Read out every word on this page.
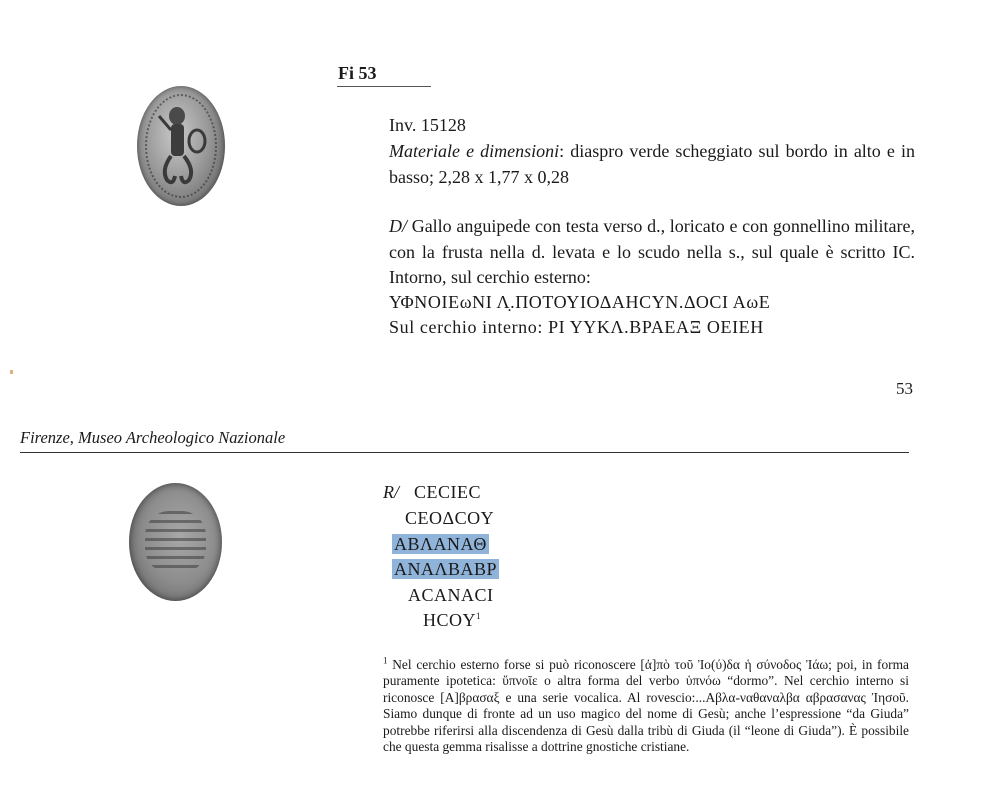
Fi 53
Inv. 15128
Materiale e dimensioni: diaspro verde scheggiato sul bordo in alto e in basso; 2,28 x 1,77 x 0,28
D/ Gallo anguipede con testa verso d., loricato e con gonnellino militare, con la frusta nella d. levata e lo scudo nella s., sul quale è scritto IC. Intorno, sul cerchio esterno:
ΥΦΝΟΙΕωΝΙ Λ̣.ΠΟΤΟΥΙΟΔΑΗCΥΝ.ΔΟCΙ ΑωΕ
Sul cerchio interno: ΡΙ ΥΥΚΛ.ΒΡΑΕΑΞ ΟΕΙΕΗ
53
Firenze, Museo Archeologico Nazionale
R/ CECIEC
CEOΔCOΥ
ΑΒΛΑΝΑΘ
ΑΝΑΛΒΑΒΡ
ΑCΑΝΑCΙ
ΗCOΥ$^1$
$^1$ Nel cerchio esterno forse si può riconoscere [ἀ]πὸ τοῦ Ἰο(ύ)δα ἡ σύνοδος Ἰάω; poi, in forma puramente ipotetica: ὕπνοῖε o altra forma del verbo ὑπνόω “dormo”. Nel cerchio interno si riconosce [Α]βρασαξ e una serie vocalica. Al rovescio:...Αβλα-ναθαναλβα αβρασανας Ἰησοῦ. Siamo dunque di fronte ad un uso magico del nome di Gesù; anche l’espressione “da Giuda” potrebbe riferirsi alla discendenza di Gesù dalla tribù di Giuda (il “leone di Giuda”). È possibile che questa gemma risalisse a dottrine gnostiche cristiane.
